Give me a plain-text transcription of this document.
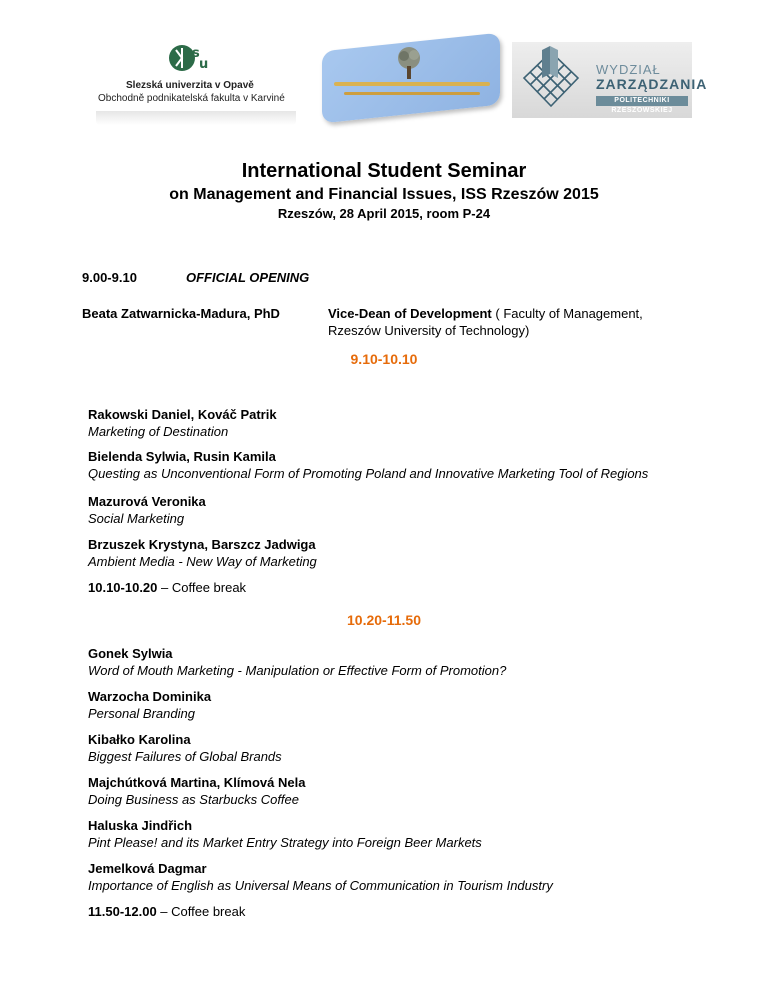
s
u
Slezská univerzita v Opavě
Obchodně podnikatelská fakulta v Karviné
WYDZIAŁ
ZARZĄDZANIA
POLITECHNIKI RZESZOWSKIEJ
International Student Seminar
on Management and Financial Issues, ISS Rzeszów 2015
Rzeszów, 28 April 2015, room P-24
9.00-9.10	OFFICIAL OPENING
Beata Zatwarnicka-Madura, PhD	Vice-Dean of Development ( Faculty of Management,
Rzeszów University of Technology)
9.10-10.10
Rakowski Daniel, Kováč Patrik
Marketing of Destination
Bielenda Sylwia, Rusin Kamila
Questing as Unconventional Form of Promoting Poland and Innovative Marketing Tool of Regions
Mazurová Veronika
Social Marketing
Brzuszek Krystyna, Barszcz Jadwiga
Ambient Media - New Way of Marketing
10.10-10.20 – Coffee break
10.20-11.50
Gonek Sylwia
Word of Mouth Marketing - Manipulation or Effective Form of Promotion?
Warzocha Dominika
Personal Branding
Kibałko Karolina
Biggest Failures of Global Brands
Majchútková Martina, Klímová Nela
Doing Business as Starbucks Coffee
Haluska Jindřich
Pint Please! and its Market Entry Strategy into Foreign Beer Markets
Jemelková Dagmar
Importance of English as Universal Means of Communication in Tourism Industry
11.50-12.00 – Coffee break
